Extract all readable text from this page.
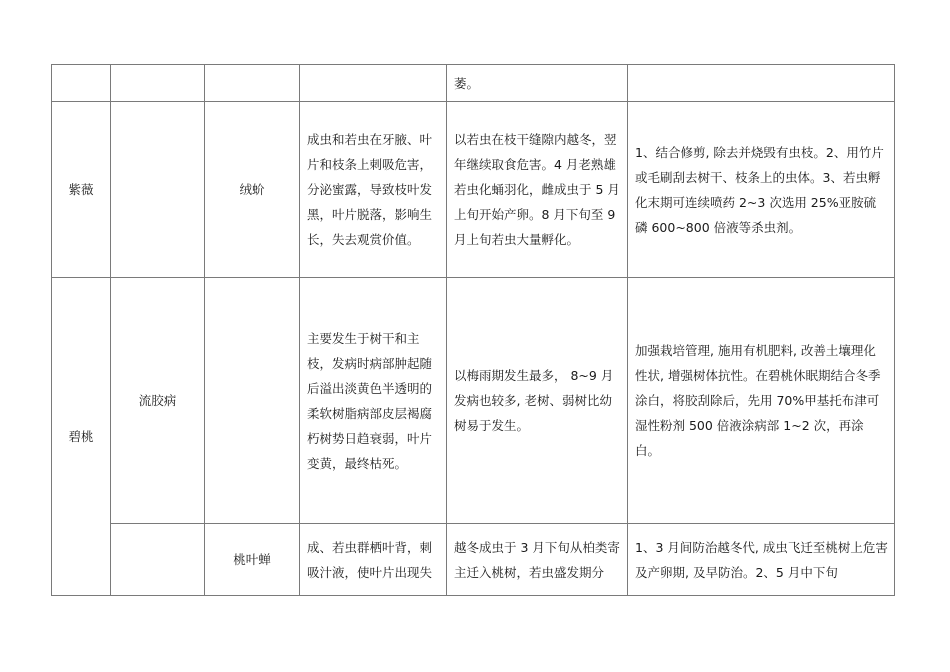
				萎。	
紫薇		绒蚧	成虫和若虫在牙腋、叶片和枝条上刺吸危害，分泌蜜露，导致枝叶发黑，叶片脱落，影响生长，失去观赏价值。	以若虫在枝干缝隙内越冬，翌年继续取食危害。4 月老熟雄若虫化蛹羽化，雌成虫于 5 月上旬开始产卵。8 月下旬至 9 月上旬若虫大量孵化。	1、结合修剪, 除去并烧毁有虫枝。2、用竹片或毛刷刮去树干、枝条上的虫体。3、若虫孵化末期可连续喷药 2~3 次选用 25%亚胺硫磷 600~800 倍液等杀虫剂。
碧桃	流胶病		主要发生于树干和主枝，发病时病部肿起随后溢出淡黄色半透明的柔软树脂病部皮层褐腐朽树势日趋衰弱，叶片变黄，最终枯死。	以梅雨期发生最多， 8~9 月发病也较多, 老树、弱树比幼树易于发生。	加强栽培管理, 施用有机肥料, 改善土壤理化性状, 增强树体抗性。在碧桃休眠期结合冬季涂白，将胶刮除后，先用 70%甲基托布津可湿性粉剂 500 倍液涂病部 1~2 次，再涂白。
		桃叶蝉	成、若虫群栖叶背，刺吸汁液，使叶片出现失	越冬成虫于 3 月下旬从柏类寄主迁入桃树，若虫盛发期分	1、3 月间防治越冬代, 成虫飞迁至桃树上危害及产卵期, 及早防治。2、5 月中下旬
